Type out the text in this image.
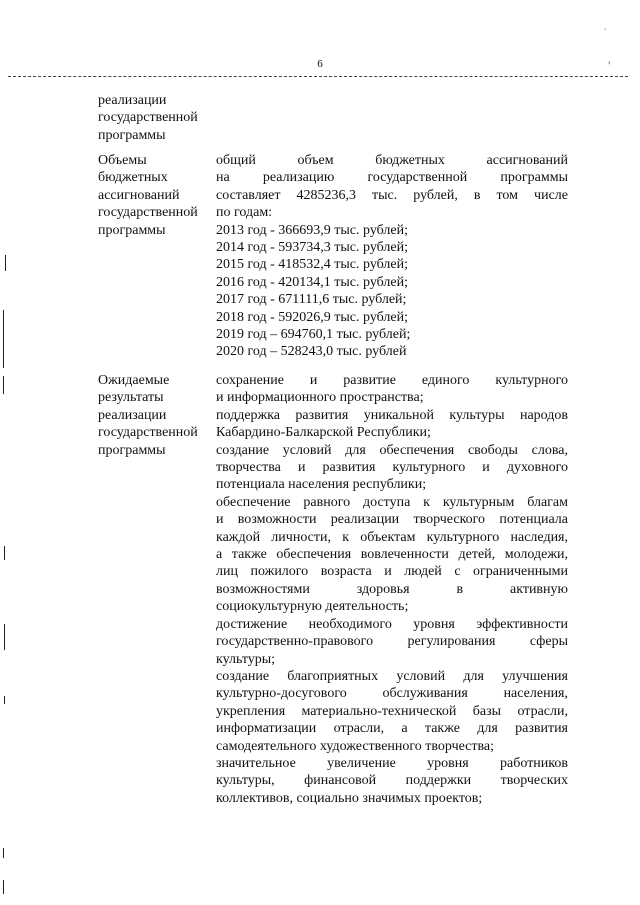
6
˴
‹
реализации
государственной
программы
Объемы
бюджетных
ассигнований
государственной
программы
общий объем бюджетных ассигнований
на реализацию государственной программы
составляет 4285236,3 тыс. рублей, в том числе
по годам:
2013 год - 366693,9 тыс. рублей;
2014 год - 593734,3 тыс. рублей;
2015 год - 418532,4 тыс. рублей;
2016 год - 420134,1 тыс. рублей;
2017 год - 671111,6 тыс. рублей;
2018 год - 592026,9 тыс. рублей;
2019 год – 694760,1 тыс. рублей;
2020 год – 528243,0 тыс. рублей
Ожидаемые
результаты
реализации
государственной
программы
сохранение и развитие единого культурного
и информационного пространства;
поддержка развития уникальной культуры народов
Кабардино-Балкарской Республики;
создание условий для обеспечения свободы слова,
творчества и развития культурного и духовного
потенциала населения республики;
обеспечение равного доступа к культурным благам
и возможности реализации творческого потенциала
каждой личности, к объектам культурного наследия,
а также обеспечения вовлеченности детей, молодежи,
лиц пожилого возраста и людей с ограниченными
возможностями здоровья в активную
социокультурную деятельность;
достижение необходимого уровня эффективности
государственно-правового регулирования сферы
культуры;
создание благоприятных условий для улучшения
культурно-досугового обслуживания населения,
укрепления материально-технической базы отрасли,
информатизации отрасли, а также для развития
самодеятельного художественного творчества;
значительное увеличение уровня работников
культуры, финансовой поддержки творческих
коллективов, социально значимых проектов;
